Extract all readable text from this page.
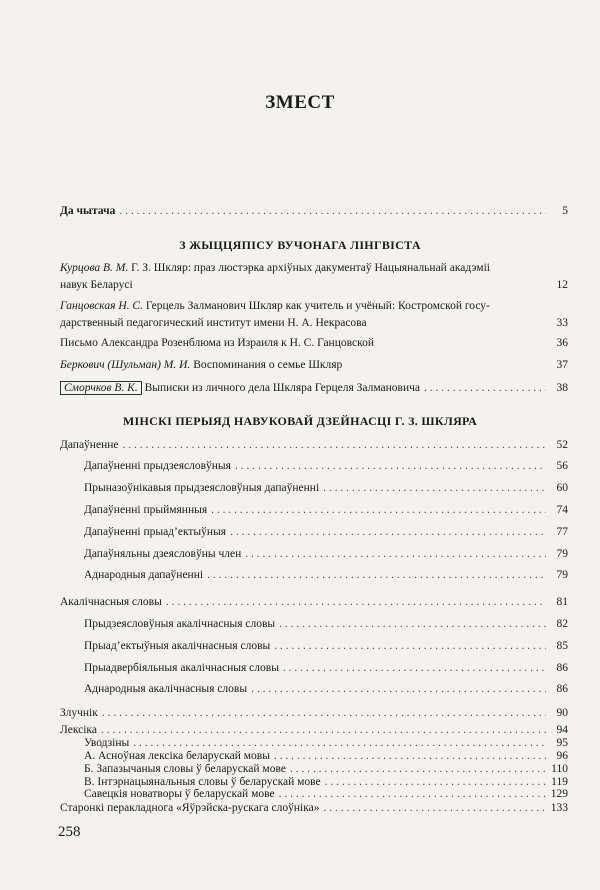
ЗМЕСТ
Да чытача . . .	5
З ЖЫЦЦЯПІСУ ВУЧОНАГА ЛІНГВІСТА
Курцова В. М. Г. З. Шкляр: праз люстэрка архіўных дакументаў Нацыянальнай акадэміі
навук Беларусі	12
Ганцовская Н. С. Герцель Залманович Шкляр как учитель и учёный: Костромской госу-
дарственный педагогический институт имени Н. А. Некрасова	33
Письмо Александра Розенблюма из Израиля к Н. С. Ганцовской	36
Беркович (Шульман) М. И. Воспоминания о семье Шкляр	37
Сморчков В. К. Выписки из личного дела Шкляра Герцеля Залмановича . . .	38
МІНСКІ ПЕРЫЯД НАВУКОВАЙ ДЗЕЙНАСЦІ Г. З. ШКЛЯРА
Дапаўненне . . .	52
Дапаўненні прыдзеясловўныя . . .	56
Прыназоўнікавыя прыдзеясловўныя дапаўненні . . .	60
Дапаўненні прыймянныя . . .	74
Дапаўненні прыад’ектыўныя . . .	77
Дапаўняльны дзеясловўны член . . .	79
Аднародныя дапаўненні . . .	79
Акалічнасныя словы . . .	81
Прыдзеясловўныя акалічнасныя словы . . .	82
Прыад’ектыўныя акалічнасныя словы . . .	85
Прыадвербіяльныя акалічнасныя словы . . .	86
Аднародныя акалічнасныя словы . . .	86
Злучнік . . .	90
Лексіка . . .	94
Уводзіны . . .	95
А. Асноўная лексіка беларускай мовы . . .	96
Б. Запазычаныя словы ў беларускай мове . . .	110
В. Інтэрнацыянальныя словы ў беларускай мове . . .	119
Савецкія новатворы ў беларускай мове . . .	129
Старонкі перакладнога «Яўрэйска-рускага слоўніка» . . .	133
258
